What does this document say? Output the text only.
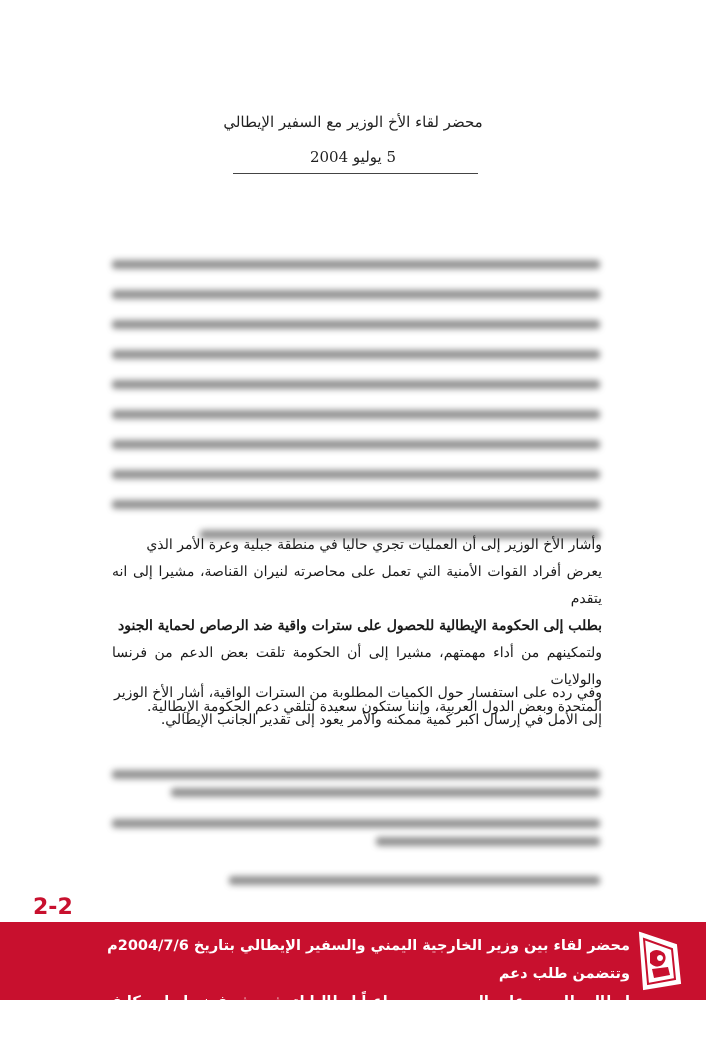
محضر لقاء الأخ الوزير مع السفير الإيطالي
5 يوليو 2004
وأشار الأخ الوزير إلى أن العمليات تجري حاليا في منطقة جبلية وعرة الأمر الذي
يعرض أفراد القوات الأمنية التي تعمل على محاصرته لنيران القناصة، مشيرا إلى انه يتقدم
بطلب إلى الحكومة الإيطالية للحصول على سترات واقية ضد الرصاص لحماية الجنود
ولتمكينهم من أداء مهمتهم، مشيرا إلى أن الحكومة تلقت بعض الدعم من فرنسا والولايات
المتحدة وبعض الدول العربية، وإننا ستكون سعيدة لتلقي دعم الحكومة الإيطالية.
وفي رده على استفسار حول الكميات المطلوبة من السترات الواقية، أشار الأخ الوزير
إلى الأمل في إرسال اكبر كمية ممكنه والأمر يعود إلى تقدير الجانب الإيطالي.
2-2
محضر لقاء بين وزير الخارجية اليمني والسفير الإيطالي بتاريخ 2004/7/6م وتتضمن طلب دعم
إيطالي للحرب على السيد حسين داعياً إيطاليا لتحذو حذو فرنسا وامريكا في الدعم
